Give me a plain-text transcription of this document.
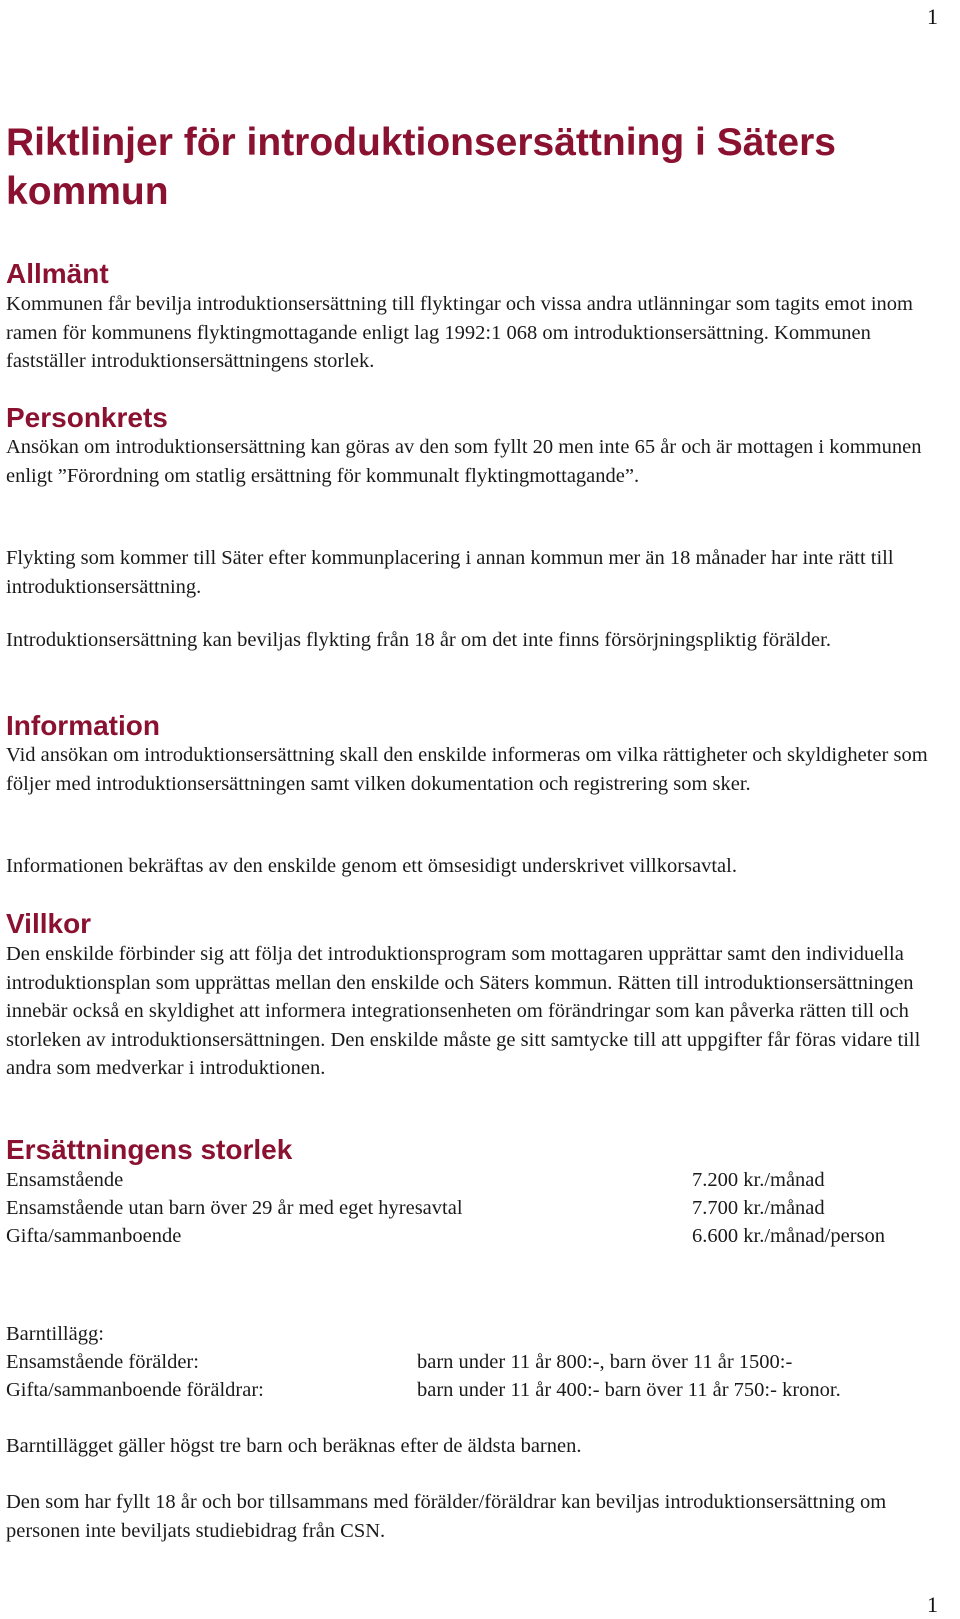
1
Riktlinjer för introduktionsersättning i Säters kommun
Allmänt

Kommunen får bevilja introduktionsersättning till flyktingar och vissa andra utlänningar som tagits emot inom ramen för kommunens flyktingmottagande enligt lag 1992:1 068 om introduktionsersättning. Kommunen fastställer introduktionsersättningens storlek.

Personkrets

Ansökan om introduktionsersättning kan göras av den som fyllt 20 men inte 65 år och är mottagen i kommunen enligt ”Förordning om statlig ersättning för kommunalt flyktingmottagande”.

Flykting som kommer till Säter efter kommunplacering i annan kommun mer än 18 månader har inte rätt till introduktionsersättning.

Introduktionsersättning kan beviljas flykting från 18 år om det inte finns försörjningspliktig förälder.

Information

Vid ansökan om introduktionsersättning skall den enskilde informeras om vilka rättigheter och skyldigheter som följer med introduktionsersättningen samt vilken dokumentation och registrering som sker.

Informationen bekräftas av den enskilde genom ett ömsesidigt underskrivet villkorsavtal.

Villkor

Den enskilde förbinder sig att följa det introduktionsprogram som mottagaren upprättar samt den individuella introduktionsplan som upprättas mellan den enskilde och Säters kommun. Rätten till introduktionsersättningen innebär också en skyldighet att informera integrationsenheten om förändringar som kan påverka rätten till och storleken av introduktionsersättningen. Den enskilde måste ge sitt samtycke till att uppgifter får föras vidare till andra som medverkar i introduktionen.

Ersättningens storlek
Ensamstående	7.200 kr./månad
Ensamstående utan barn över 29 år med eget hyresavtal	7.700 kr./månad
Gifta/sammanboende	6.600 kr./månad/person
Barntillägg:
Ensamstående förälder:	barn under 11 år 800:-, barn över 11 år 1500:-
Gifta/sammanboende föräldrar:	barn under 11 år 400:- barn över 11 år 750:- kronor.

Barntillägget gäller högst tre barn och beräknas efter de äldsta barnen.

Den som har fyllt 18 år och bor tillsammans med förälder/föräldrar kan beviljas introduktionsersättning om personen inte beviljats studiebidrag från CSN.

1
